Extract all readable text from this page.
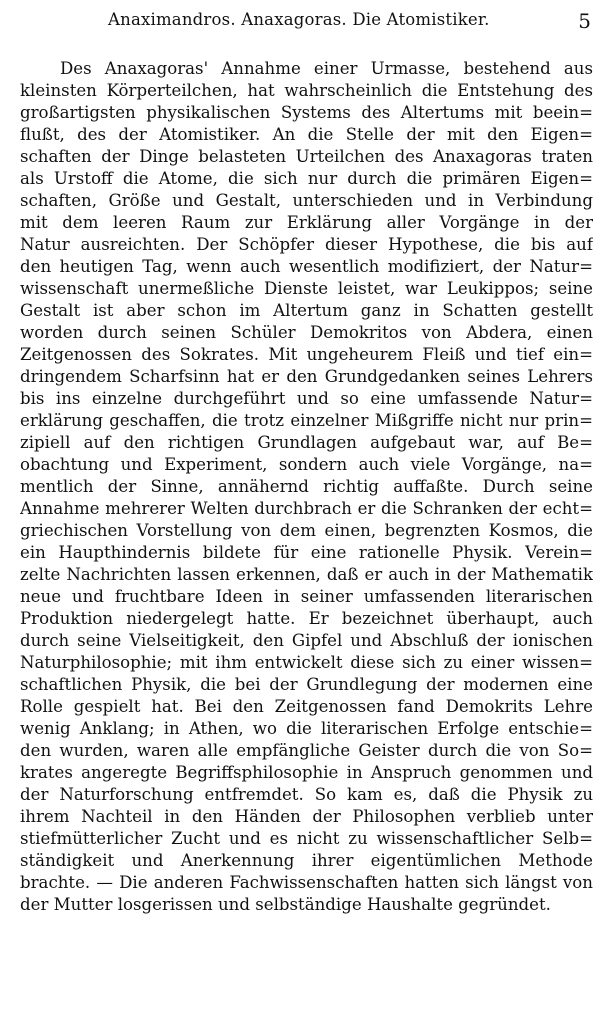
Anaximandros. Anaxagoras. Die Atomistiker.	5
Des Anaxagoras' Annahme einer Urmasse, bestehend aus
kleinsten Körperteilchen, hat wahrscheinlich die Entstehung des
großartigsten physikalischen Systems des Altertums mit beein=
flußt, des der Atomistiker. An die Stelle der mit den Eigen=
schaften der Dinge belasteten Urteilchen des Anaxagoras traten
als Urstoff die Atome, die sich nur durch die primären Eigen=
schaften, Größe und Gestalt, unterschieden und in Verbindung
mit dem leeren Raum zur Erklärung aller Vorgänge in der
Natur ausreichten. Der Schöpfer dieser Hypothese, die bis auf
den heutigen Tag, wenn auch wesentlich modifiziert, der Natur=
wissenschaft unermeßliche Dienste leistet, war Leukippos; seine
Gestalt ist aber schon im Altertum ganz in Schatten gestellt
worden durch seinen Schüler Demokritos von Abdera, einen
Zeitgenossen des Sokrates. Mit ungeheurem Fleiß und tief ein=
dringendem Scharfsinn hat er den Grundgedanken seines Lehrers
bis ins einzelne durchgeführt und so eine umfassende Natur=
erklärung geschaffen, die trotz einzelner Mißgriffe nicht nur prin=
zipiell auf den richtigen Grundlagen aufgebaut war, auf Be=
obachtung und Experiment, sondern auch viele Vorgänge, na=
mentlich der Sinne, annähernd richtig auffaßte. Durch seine
Annahme mehrerer Welten durchbrach er die Schranken der echt=
griechischen Vorstellung von dem einen, begrenzten Kosmos, die
ein Haupthindernis bildete für eine rationelle Physik. Verein=
zelte Nachrichten lassen erkennen, daß er auch in der Mathematik
neue und fruchtbare Ideen in seiner umfassenden literarischen
Produktion niedergelegt hatte. Er bezeichnet überhaupt, auch
durch seine Vielseitigkeit, den Gipfel und Abschluß der ionischen
Naturphilosophie; mit ihm entwickelt diese sich zu einer wissen=
schaftlichen Physik, die bei der Grundlegung der modernen eine
Rolle gespielt hat. Bei den Zeitgenossen fand Demokrits Lehre
wenig Anklang; in Athen, wo die literarischen Erfolge entschie=
den wurden, waren alle empfängliche Geister durch die von So=
krates angeregte Begriffsphilosophie in Anspruch genommen und
der Naturforschung entfremdet. So kam es, daß die Physik zu
ihrem Nachteil in den Händen der Philosophen verblieb unter
stiefmütterlicher Zucht und es nicht zu wissenschaftlicher Selb=
ständigkeit und Anerkennung ihrer eigentümlichen Methode
brachte. — Die anderen Fachwissenschaften hatten sich längst von
der Mutter losgerissen und selbständige Haushalte gegründet.
